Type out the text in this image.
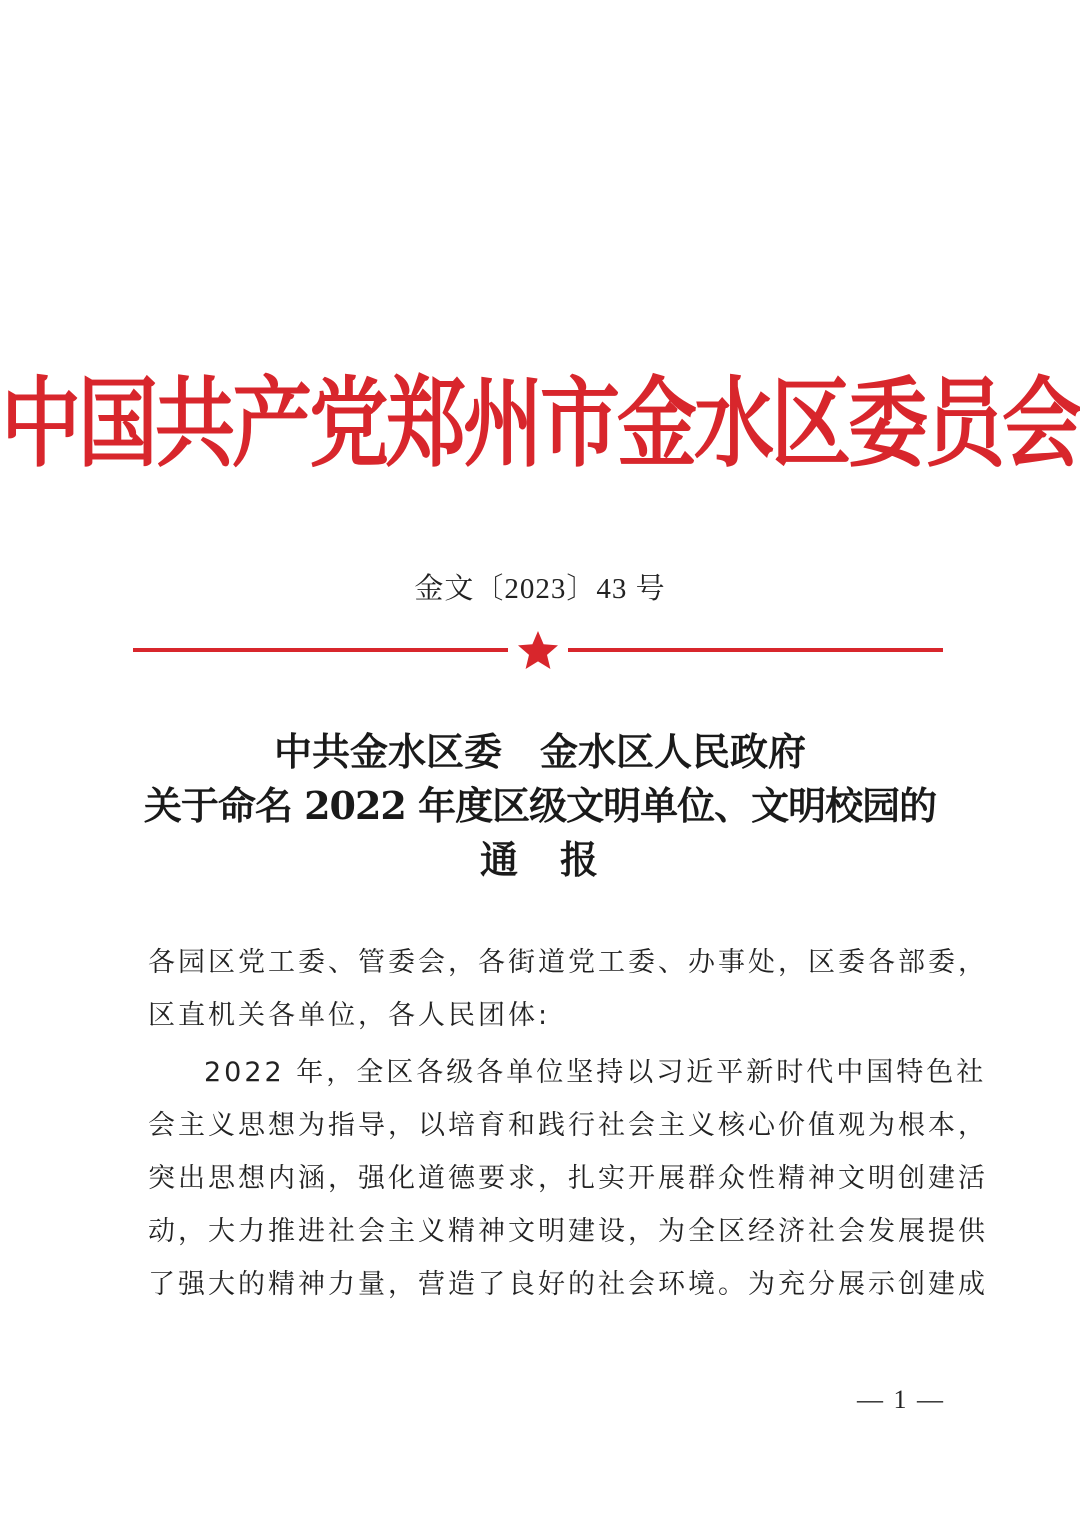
中国共产党郑州市金水区委员会
金文〔2023〕43 号
中共金水区委　金水区人民政府
关于命名 2022 年度区级文明单位、文明校园的
通　报
各园区党工委、管委会，各街道党工委、办事处，区委各部委，
区直机关各单位，各人民团体:
2022 年，全区各级各单位坚持以习近平新时代中国特色社
会主义思想为指导，以培育和践行社会主义核心价值观为根本，
突出思想内涵，强化道德要求，扎实开展群众性精神文明创建活
动，大力推进社会主义精神文明建设，为全区经济社会发展提供
了强大的精神力量，营造了良好的社会环境。为充分展示创建成
— 1 —
